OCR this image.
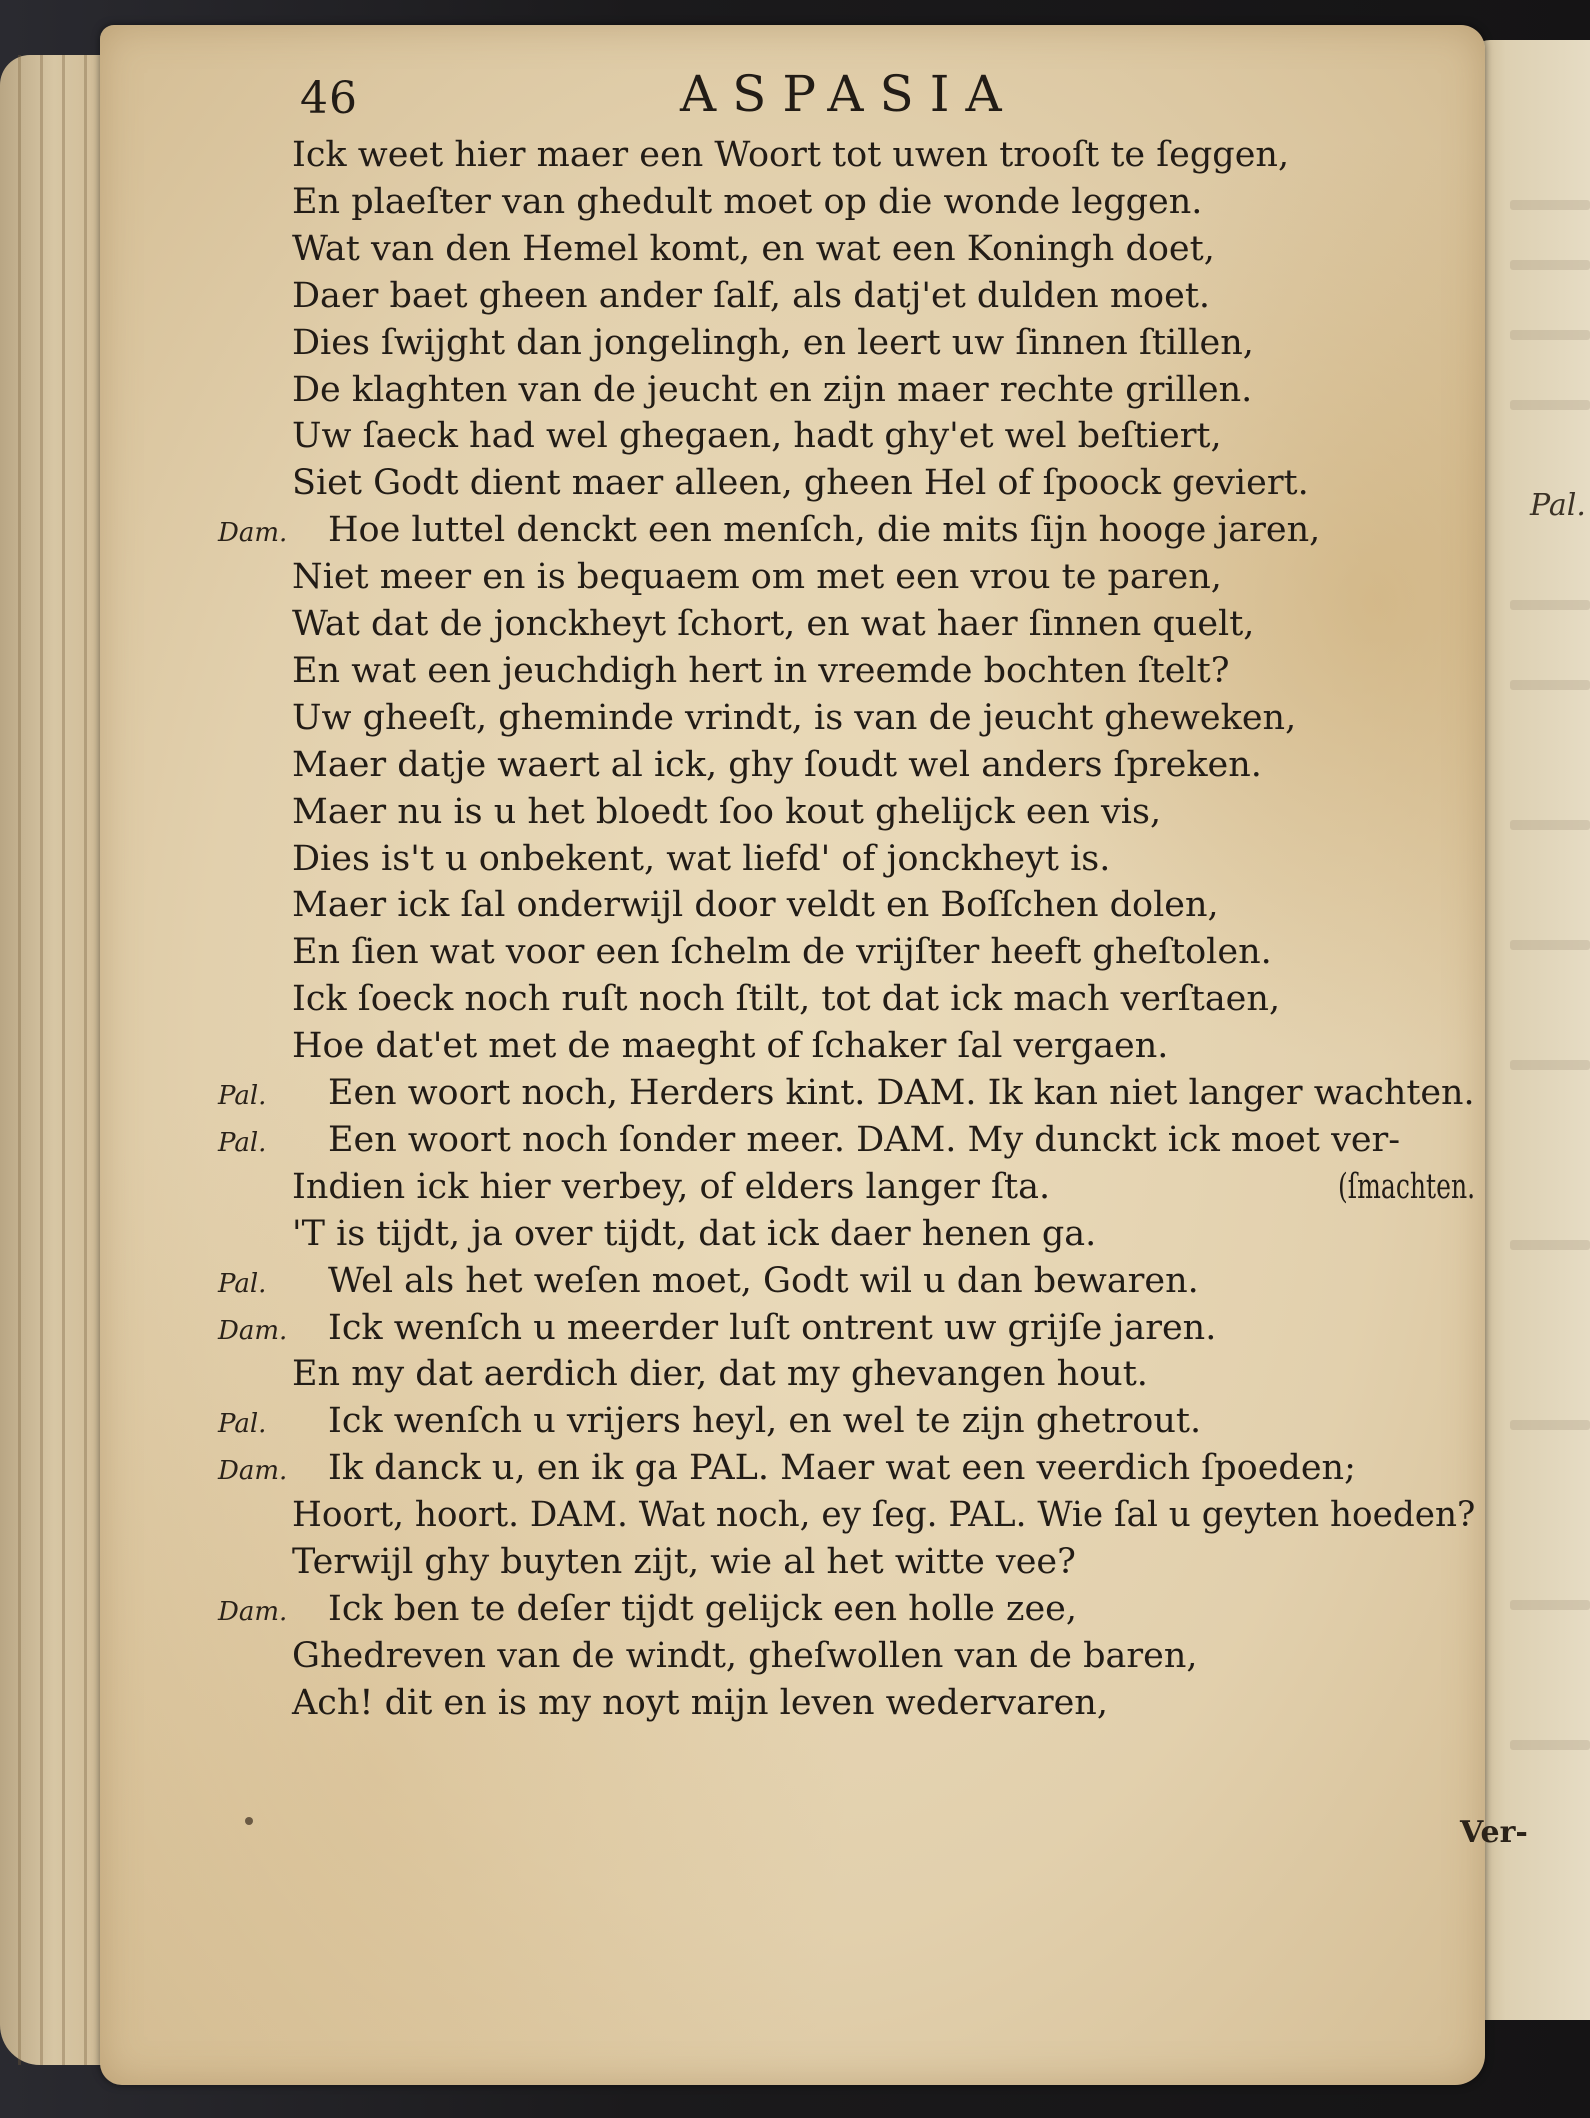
Pal.
46	ASPASIA
Ick weet hier maer een Woort tot uwen trooſt te ſeggen,
En plaeſter van ghedult moet op die wonde leggen.
Wat van den Hemel komt, en wat een Koningh doet,
Daer baet gheen ander ſalf, als datj'et dulden moet.
Dies ſwijght dan jongelingh, en leert uw ſinnen ſtillen,
De klaghten van de jeucht en zijn maer rechte grillen.
Uw ſaeck had wel ghegaen, hadt ghy'et wel beſtiert,
Siet Godt dient maer alleen, gheen Hel of ſpoock geviert.
Dam. Hoe luttel denckt een menſch, die mits ſijn hooge jaren,
Niet meer en is bequaem om met een vrou te paren,
Wat dat de jonckheyt ſchort, en wat haer ſinnen quelt,
En wat een jeuchdigh hert in vreemde bochten ſtelt?
Uw gheeſt, gheminde vrindt, is van de jeucht gheweken,
Maer datje waert al ick, ghy ſoudt wel anders ſpreken.
Maer nu is u het bloedt ſoo kout ghelijck een vis,
Dies is't u onbekent, wat liefd' of jonckheyt is.
Maer ick ſal onderwijl door veldt en Boſſchen dolen,
En ſien wat voor een ſchelm de vrijſter heeft gheſtolen.
Ick ſoeck noch ruſt noch ſtilt, tot dat ick mach verſtaen,
Hoe dat'et met de maeght of ſchaker ſal vergaen.
Pal. Een woort noch, Herders kint. DAM. Ik kan niet langer wachten.
Pal. Een woort noch ſonder meer. DAM. My dunckt ick moet ver-
Indien ick hier verbey, of elders langer ſta.	(ſmachten.
'T is tijdt, ja over tijdt, dat ick daer henen ga.
Pal. Wel als het weſen moet, Godt wil u dan bewaren.
Dam. Ick wenſch u meerder luſt ontrent uw grijſe jaren.
En my dat aerdich dier, dat my ghevangen hout.
Pal. Ick wenſch u vrijers heyl, en wel te zijn ghetrout.
Dam. Ik danck u, en ik ga PAL. Maer wat een veerdich ſpoeden;
Hoort, hoort. DAM. Wat noch, ey ſeg. PAL. Wie ſal u geyten hoeden?
Terwijl ghy buyten zijt, wie al het witte vee?
Dam. Ick ben te deſer tijdt gelijck een holle zee,
Ghedreven van de windt, gheſwollen van de baren,
Ach! dit en is my noyt mijn leven wedervaren,
Ver-
